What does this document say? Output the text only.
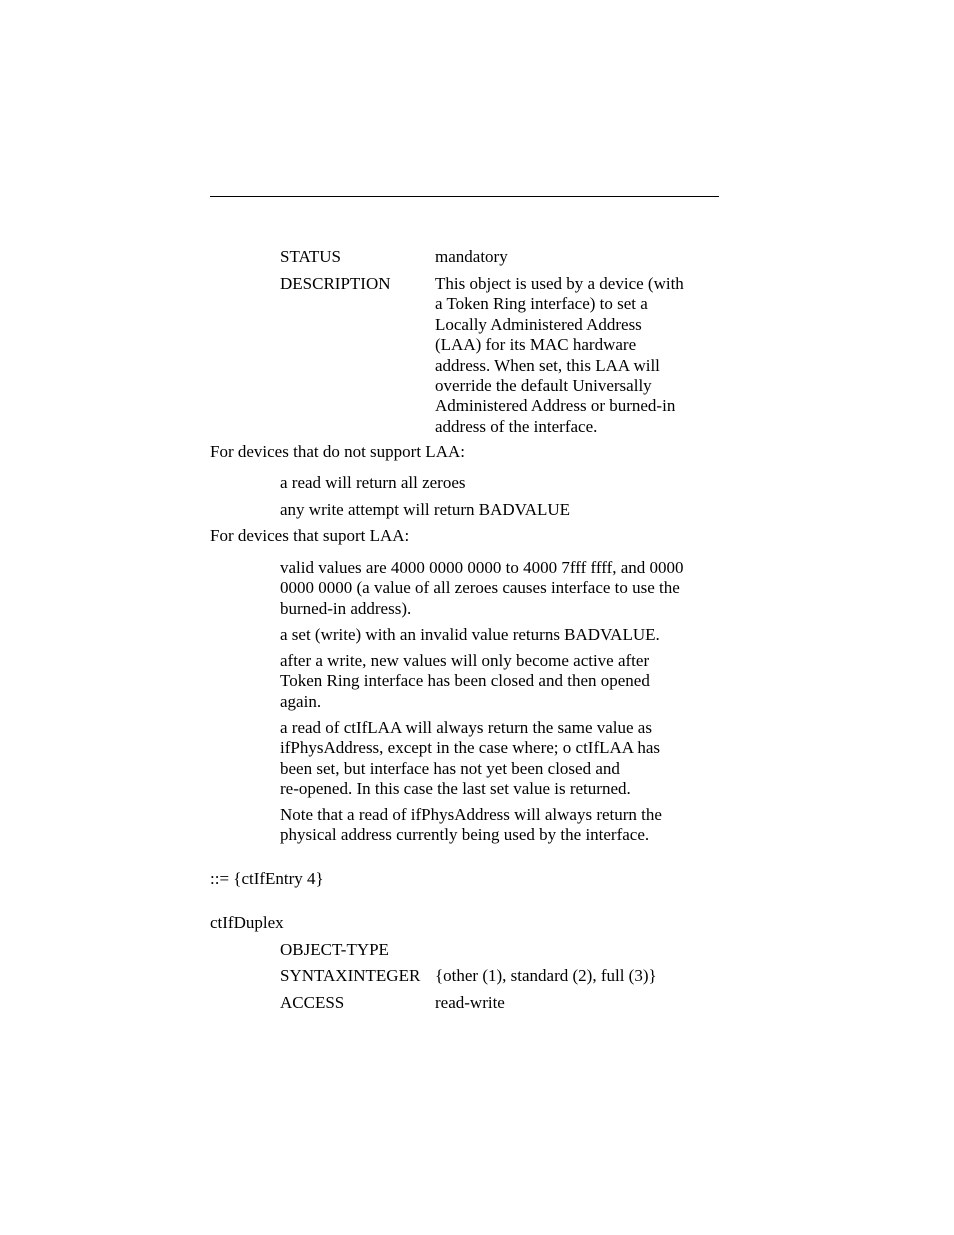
STATUS	mandatory
DESCRIPTION	This object is used by a device (with
a Token Ring interface) to set a
Locally Administered Address
(LAA) for its MAC hardware
address. When set, this LAA will
override the default Universally
Administered Address or burned-in
address of the interface.
For devices that do not support LAA:
a read will return all zeroes
any write attempt will return BADVALUE
For devices that suport LAA:
valid values are 4000 0000 0000 to 4000 7fff ffff, and 0000
0000 0000 (a value of all zeroes causes interface to use the
burned-in address).
a set (write) with an invalid value returns BADVALUE.
after a write, new values will only become active after
Token Ring interface has been closed and then opened
again.
a read of ctIfLAA will always return the same value as
ifPhysAddress, except in the case where; o ctIfLAA has
been set, but interface has not yet been closed and
re-opened. In this case the last set value is returned.
Note that a read of ifPhysAddress will always return the
physical address currently being used by the interface.
::= {ctIfEntry 4}
ctIfDuplex
OBJECT-TYPE
SYNTAXINTEGER {other (1), standard (2), full (3)}
ACCESS	read-write
